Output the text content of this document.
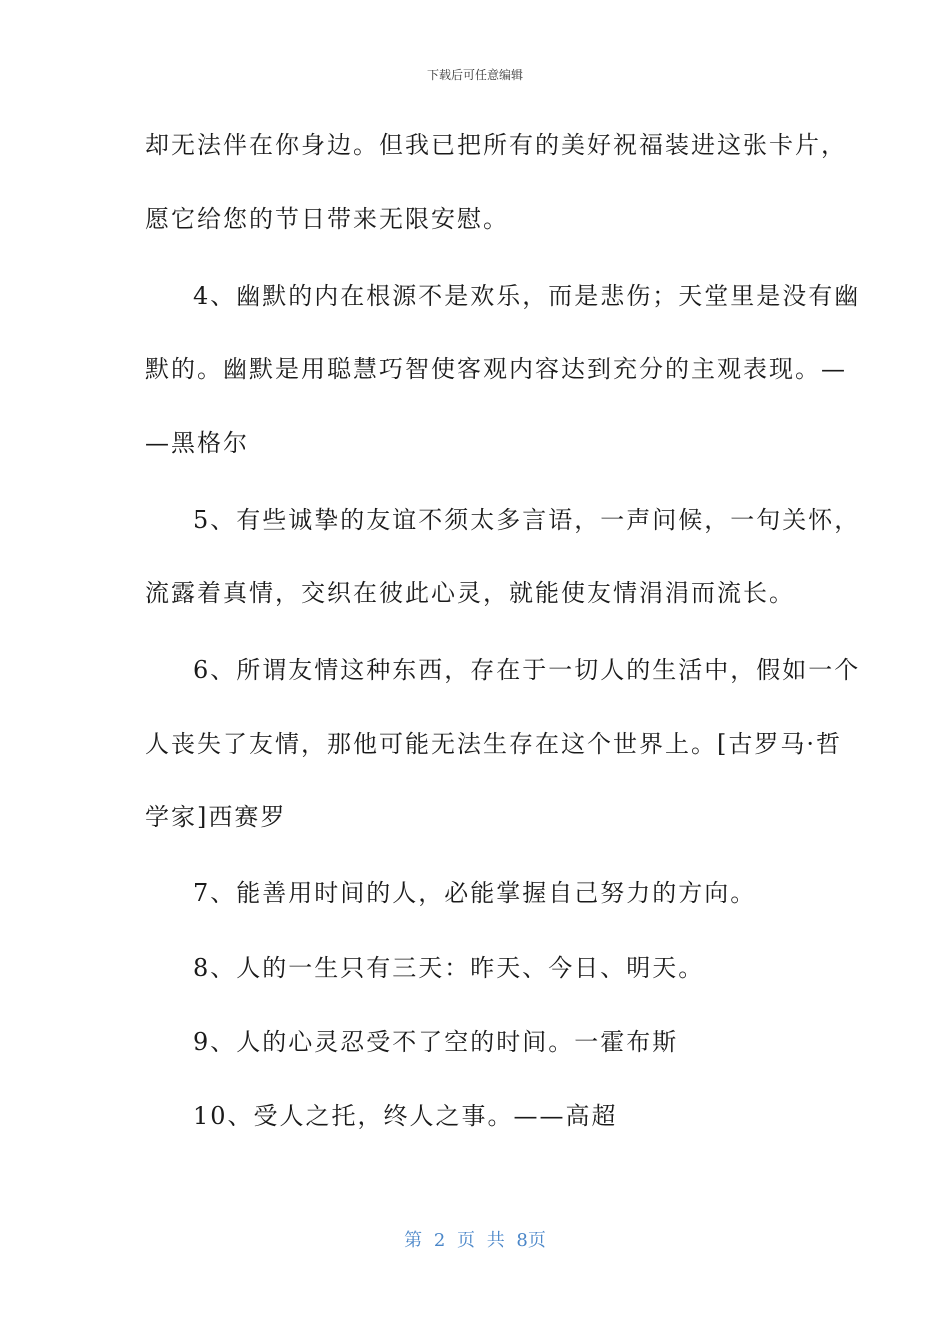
下载后可任意编辑
却无法伴在你身边。但我已把所有的美好祝福装进这张卡片，
愿它给您的节日带来无限安慰。
4、幽默的内在根源不是欢乐，而是悲伤；天堂里是没有幽
默的。幽默是用聪慧巧智使客观内容达到充分的主观表现。—
—黑格尔
5、有些诚挚的友谊不须太多言语，一声问候，一句关怀，
流露着真情，交织在彼此心灵，就能使友情涓涓而流长。
6、所谓友情这种东西，存在于一切人的生活中，假如一个
人丧失了友情，那他可能无法生存在这个世界上。[古罗马·哲
学家]西赛罗
7、能善用时间的人，必能掌握自己努力的方向。
8、人的一生只有三天：昨天、今日、明天。
9、人的心灵忍受不了空的时间。一霍布斯
10、受人之托，终人之事。——高超
第 2 页 共 8页
